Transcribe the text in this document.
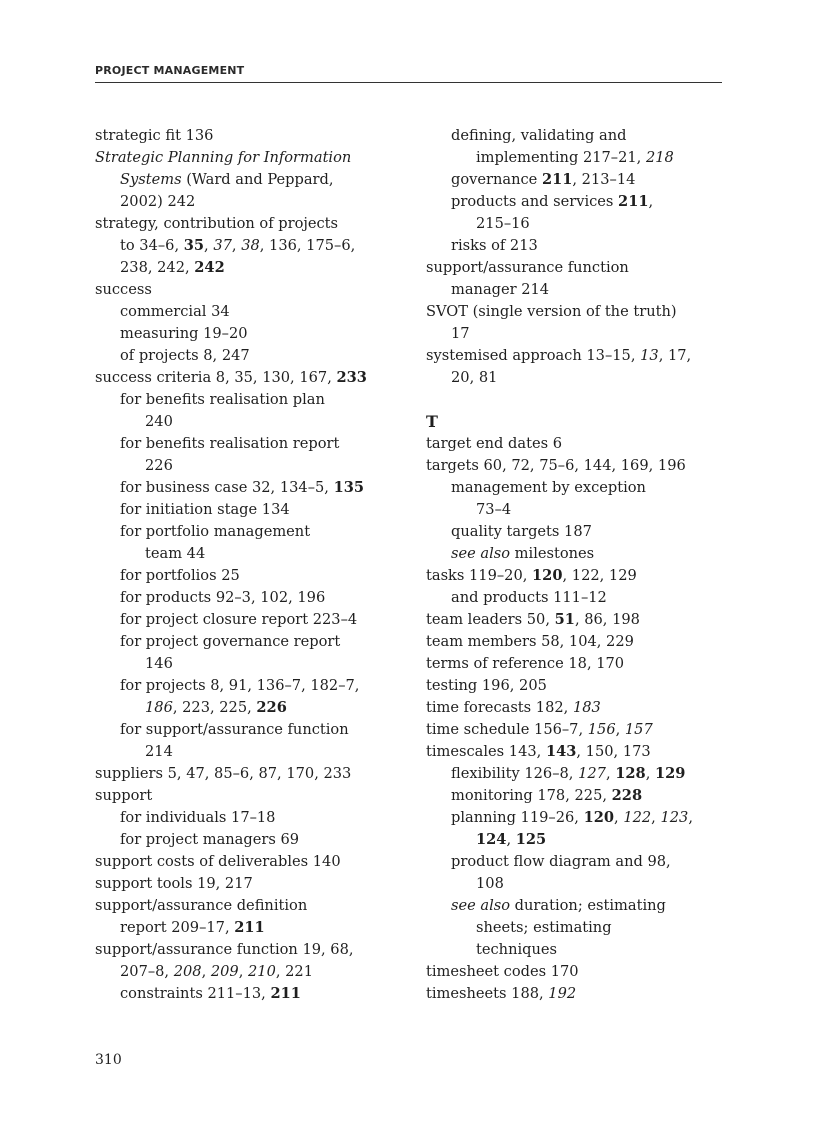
PROJECT MANAGEMENT
strategic fit 136
Strategic Planning for Information
Systems (Ward and Peppard,
2002) 242
strategy, contribution of projects
to 34–6, 35, 37, 38, 136, 175–6,
238, 242, 242
success
commercial 34
measuring 19–20
of projects 8, 247
success criteria 8, 35, 130, 167, 233
for benefits realisation plan
240
for benefits realisation report
226
for business case 32, 134–5, 135
for initiation stage 134
for portfolio management
team 44
for portfolios 25
for products 92–3, 102, 196
for project closure report 223–4
for project governance report
146
for projects 8, 91, 136–7, 182–7,
186, 223, 225, 226
for support/assurance function
214
suppliers 5, 47, 85–6, 87, 170, 233
support
for individuals 17–18
for project managers 69
support costs of deliverables 140
support tools 19, 217
support/assurance definition
report 209–17, 211
support/assurance function 19, 68,
207–8, 208, 209, 210, 221
constraints 211–13, 211
defining, validating and
implementing 217–21, 218
governance 211, 213–14
products and services 211,
215–16
risks of 213
support/assurance function
manager 214
SVOT (single version of the truth)
17
systemised approach 13–15, 13, 17,
20, 81
T
target end dates 6
targets 60, 72, 75–6, 144, 169, 196
management by exception
73–4
quality targets 187
see also milestones
tasks 119–20, 120, 122, 129
and products 111–12
team leaders 50, 51, 86, 198
team members 58, 104, 229
terms of reference 18, 170
testing 196, 205
time forecasts 182, 183
time schedule 156–7, 156, 157
timescales 143, 143, 150, 173
flexibility 126–8, 127, 128, 129
monitoring 178, 225, 228
planning 119–26, 120, 122, 123,
124, 125
product flow diagram and 98,
108
see also duration; estimating
sheets; estimating
techniques
timesheet codes 170
timesheets 188, 192
310
